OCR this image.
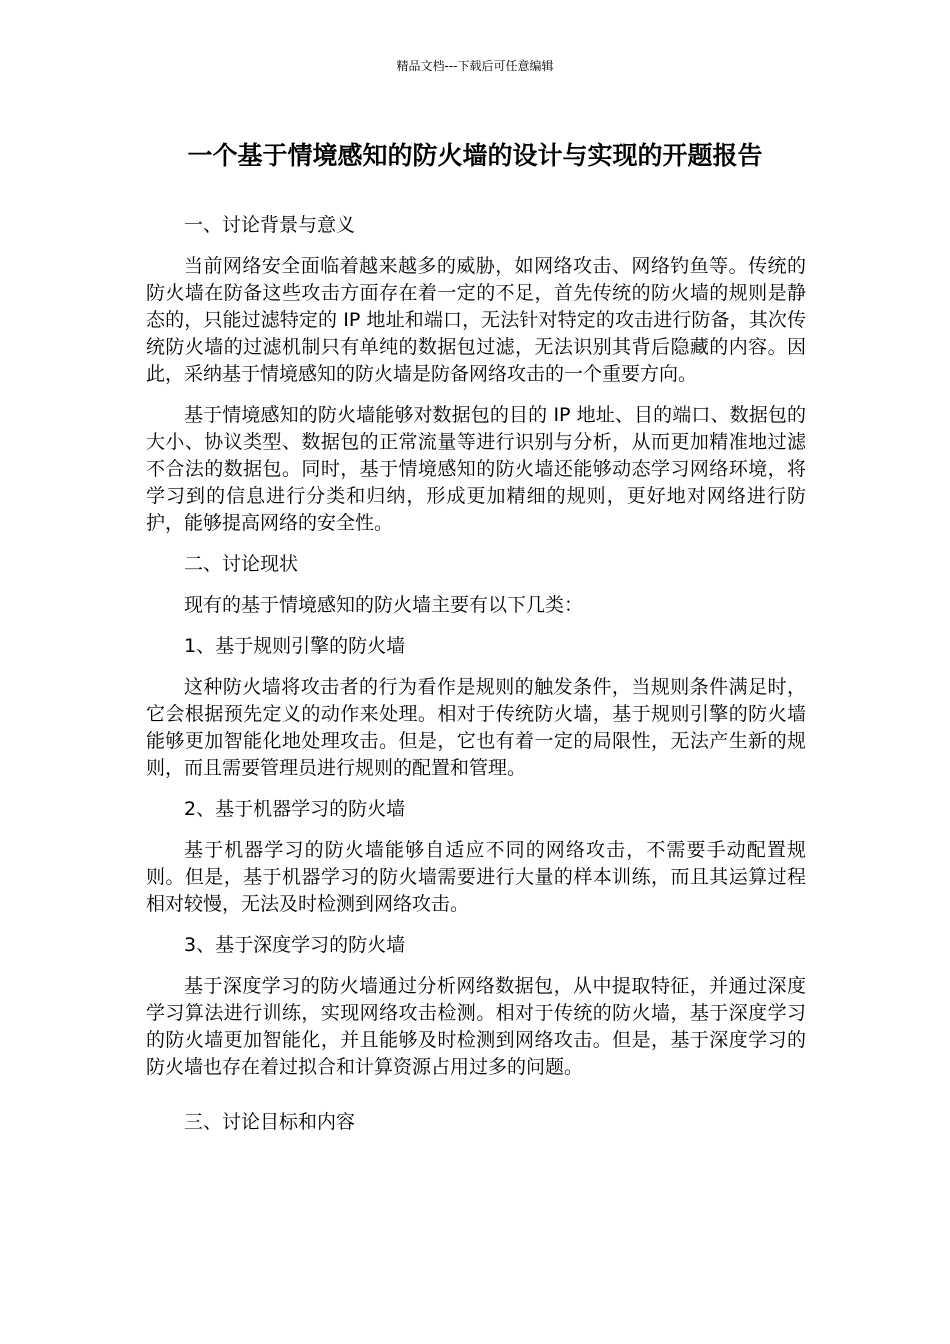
精品文档---下载后可任意编辑
一个基于情境感知的防火墙的设计与实现的开题报告

一、讨论背景与意义

当前网络安全面临着越来越多的威胁，如网络攻击、网络钓鱼等。传统的防火墙在防备这些攻击方面存在着一定的不足，首先传统的防火墙的规则是静态的，只能过滤特定的 IP 地址和端口，无法针对特定的攻击进行防备，其次传统防火墙的过滤机制只有单纯的数据包过滤，无法识别其背后隐藏的内容。因此，采纳基于情境感知的防火墙是防备网络攻击的一个重要方向。

基于情境感知的防火墙能够对数据包的目的 IP 地址、目的端口、数据包的大小、协议类型、数据包的正常流量等进行识别与分析，从而更加精准地过滤不合法的数据包。同时，基于情境感知的防火墙还能够动态学习网络环境，将学习到的信息进行分类和归纳，形成更加精细的规则，更好地对网络进行防护，能够提高网络的安全性。

二、讨论现状

现有的基于情境感知的防火墙主要有以下几类：

1、基于规则引擎的防火墙

这种防火墙将攻击者的行为看作是规则的触发条件，当规则条件满足时，它会根据预先定义的动作来处理。相对于传统防火墙，基于规则引擎的防火墙能够更加智能化地处理攻击。但是，它也有着一定的局限性，无法产生新的规则，而且需要管理员进行规则的配置和管理。

2、基于机器学习的防火墙

基于机器学习的防火墙能够自适应不同的网络攻击，不需要手动配置规则。但是，基于机器学习的防火墙需要进行大量的样本训练，而且其运算过程相对较慢，无法及时检测到网络攻击。

3、基于深度学习的防火墙

基于深度学习的防火墙通过分析网络数据包，从中提取特征，并通过深度学习算法进行训练，实现网络攻击检测。相对于传统的防火墙，基于深度学习的防火墙更加智能化，并且能够及时检测到网络攻击。但是，基于深度学习的防火墙也存在着过拟合和计算资源占用过多的问题。

三、讨论目标和内容
